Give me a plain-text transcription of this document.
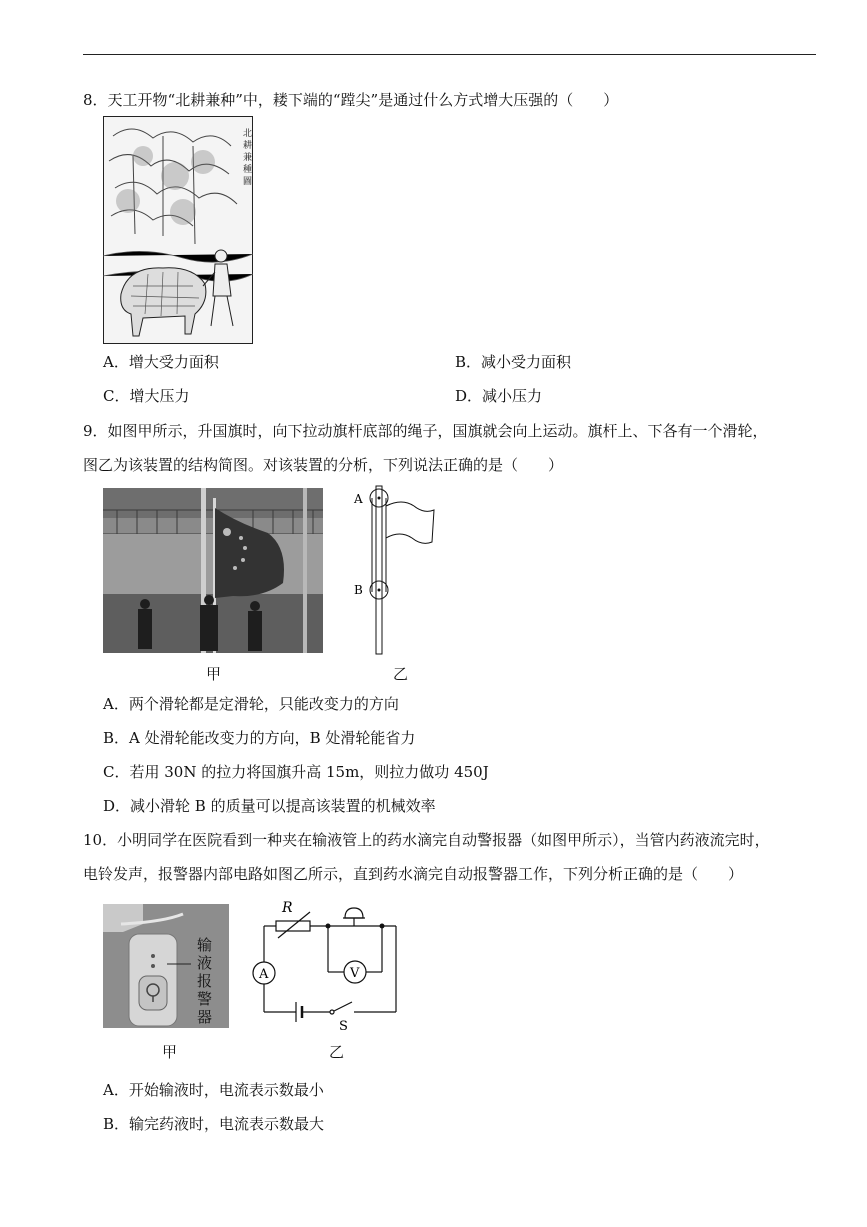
8．天工开物“北耕兼种”中，耧下端的“蹚尖”是通过什么方式增大压强的（　　）
北
耕
兼
種
圖
A．增大受力面积	B．减小受力面积
C．增大压力	D．减小压力
9．如图甲所示，升国旗时，向下拉动旗杆底部的绳子，国旗就会向上运动。旗杆上、下各有一个滑轮，
图乙为该装置的结构简图。对该装置的分析，下列说法正确的是（　　）
甲
A
B
乙
A．两个滑轮都是定滑轮，只能改变力的方向
B．A 处滑轮能改变力的方向，B 处滑轮能省力
C．若用 30N 的拉力将国旗升高 15m，则拉力做功 450J
D．减小滑轮 B 的质量可以提高该装置的机械效率
10．小明同学在医院看到一种夹在输液管上的药水滴完自动警报器（如图甲所示），当管内药液流完时，
电铃发声，报警器内部电路如图乙所示，直到药水滴完自动报警器工作，下列分析正确的是（　　）
输
液
报
警
器
甲
R
A	V
S
乙
A．开始输液时，电流表示数最小
B．输完药液时，电流表示数最大
